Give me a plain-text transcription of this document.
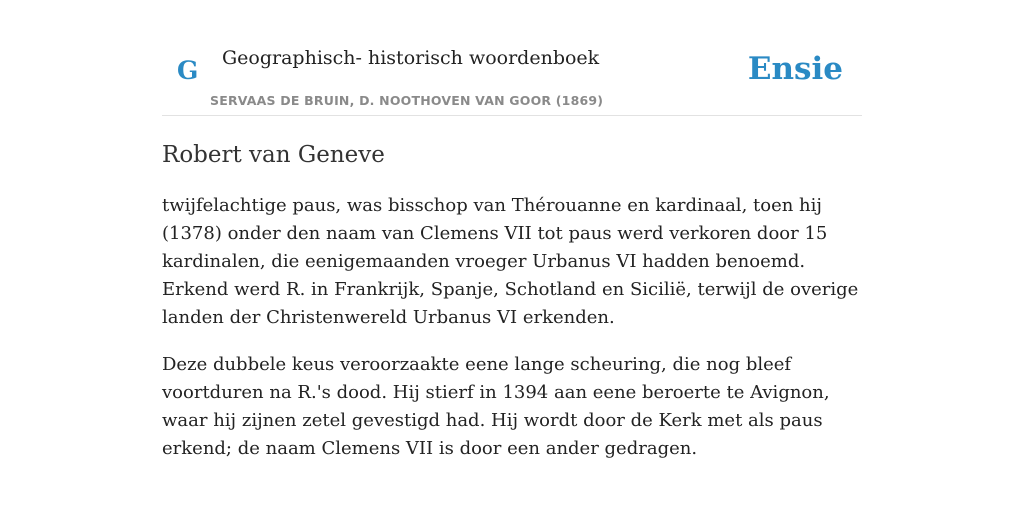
G Geographisch- historisch woordenboek
SERVAAS DE BRUIN, D. NOOTHOVEN VAN GOOR (1869)
Ensie
Robert van Geneve

twijfelachtige paus, was bisschop van Thérouanne en kardinaal, toen hij (1378) onder den naam van Clemens VII tot paus werd verkoren door 15 kardinalen, die eenigemaanden vroeger Urbanus VI hadden benoemd. Erkend werd R. in Frankrijk, Spanje, Schotland en Sicilië, terwijl de overige landen der Christenwereld Urbanus VI erkenden.

Deze dubbele keus veroorzaakte eene lange scheuring, die nog bleef voortduren na R.'s dood. Hij stierf in 1394 aan eene beroerte te Avignon, waar hij zijnen zetel gevestigd had. Hij wordt door de Kerk met als paus erkend; de naam Clemens VII is door een ander gedragen.
